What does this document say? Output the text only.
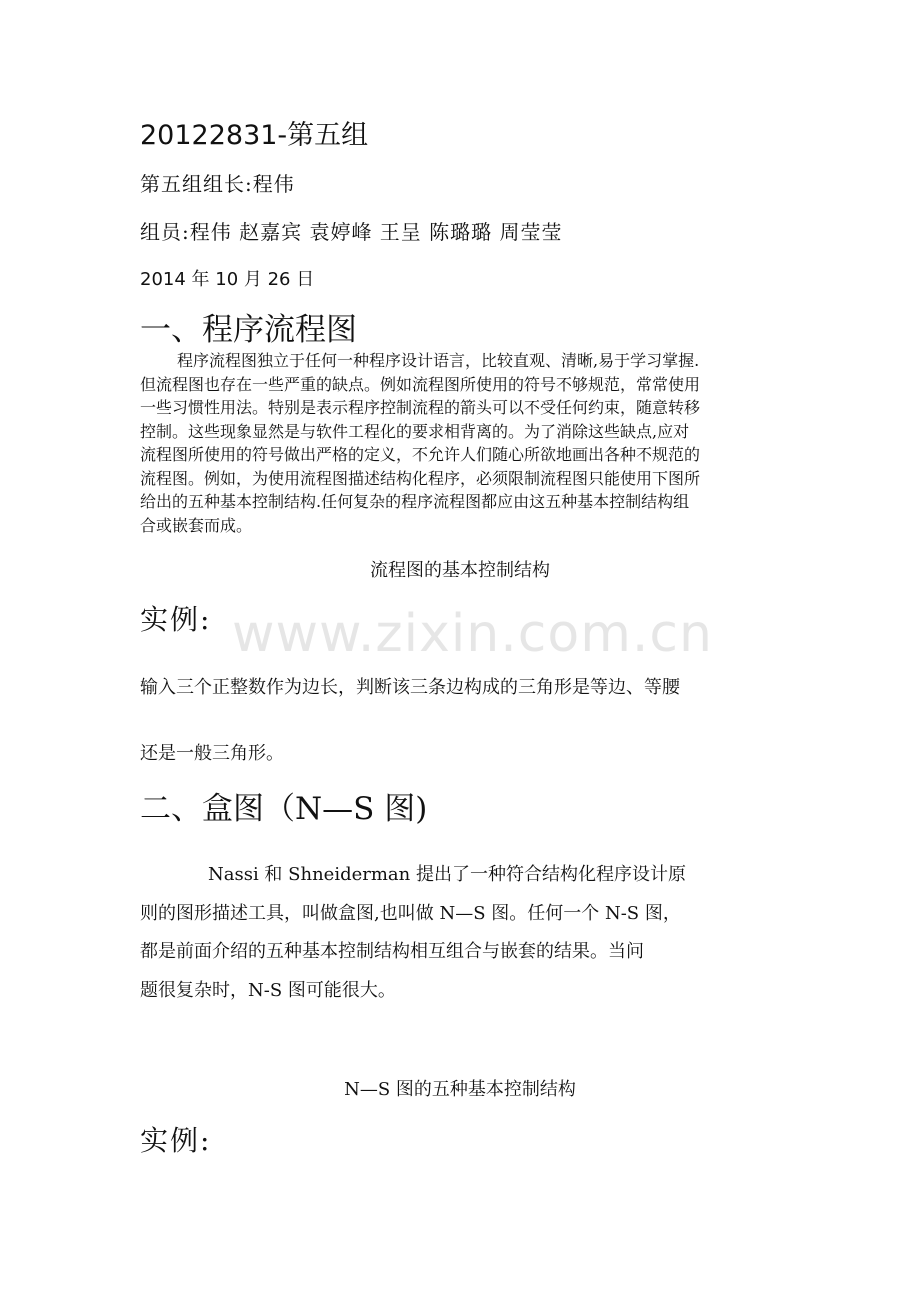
20122831-第五组
第五组组长:程伟
组员:程伟 赵嘉宾 袁婷峰 王呈 陈璐璐 周莹莹
2014 年 10 月 26 日
一、程序流程图
程序流程图独立于任何一种程序设计语言，比较直观、清晰,易于学习掌握.
但流程图也存在一些严重的缺点。例如流程图所使用的符号不够规范，常常使用
一些习惯性用法。特别是表示程序控制流程的箭头可以不受任何约束，随意转移
控制。这些现象显然是与软件工程化的要求相背离的。为了消除这些缺点,应对
流程图所使用的符号做出严格的定义，不允许人们随心所欲地画出各种不规范的
流程图。例如，为使用流程图描述结构化程序，必须限制流程图只能使用下图所
给出的五种基本控制结构.任何复杂的程序流程图都应由这五种基本控制结构组
合或嵌套而成。
流程图的基本控制结构
www.zixin.com.cn
实例:
输入三个正整数作为边长，判断该三条边构成的三角形是等边、等腰
还是一般三角形。
二、盒图（N—S 图)
Nassi 和 Shneiderman 提出了一种符合结构化程序设计原
则的图形描述工具，叫做盒图,也叫做 N—S 图。任何一个 N-S 图，
都是前面介绍的五种基本控制结构相互组合与嵌套的结果。当问
题很复杂时，N-S 图可能很大。
N—S 图的五种基本控制结构
实例:
